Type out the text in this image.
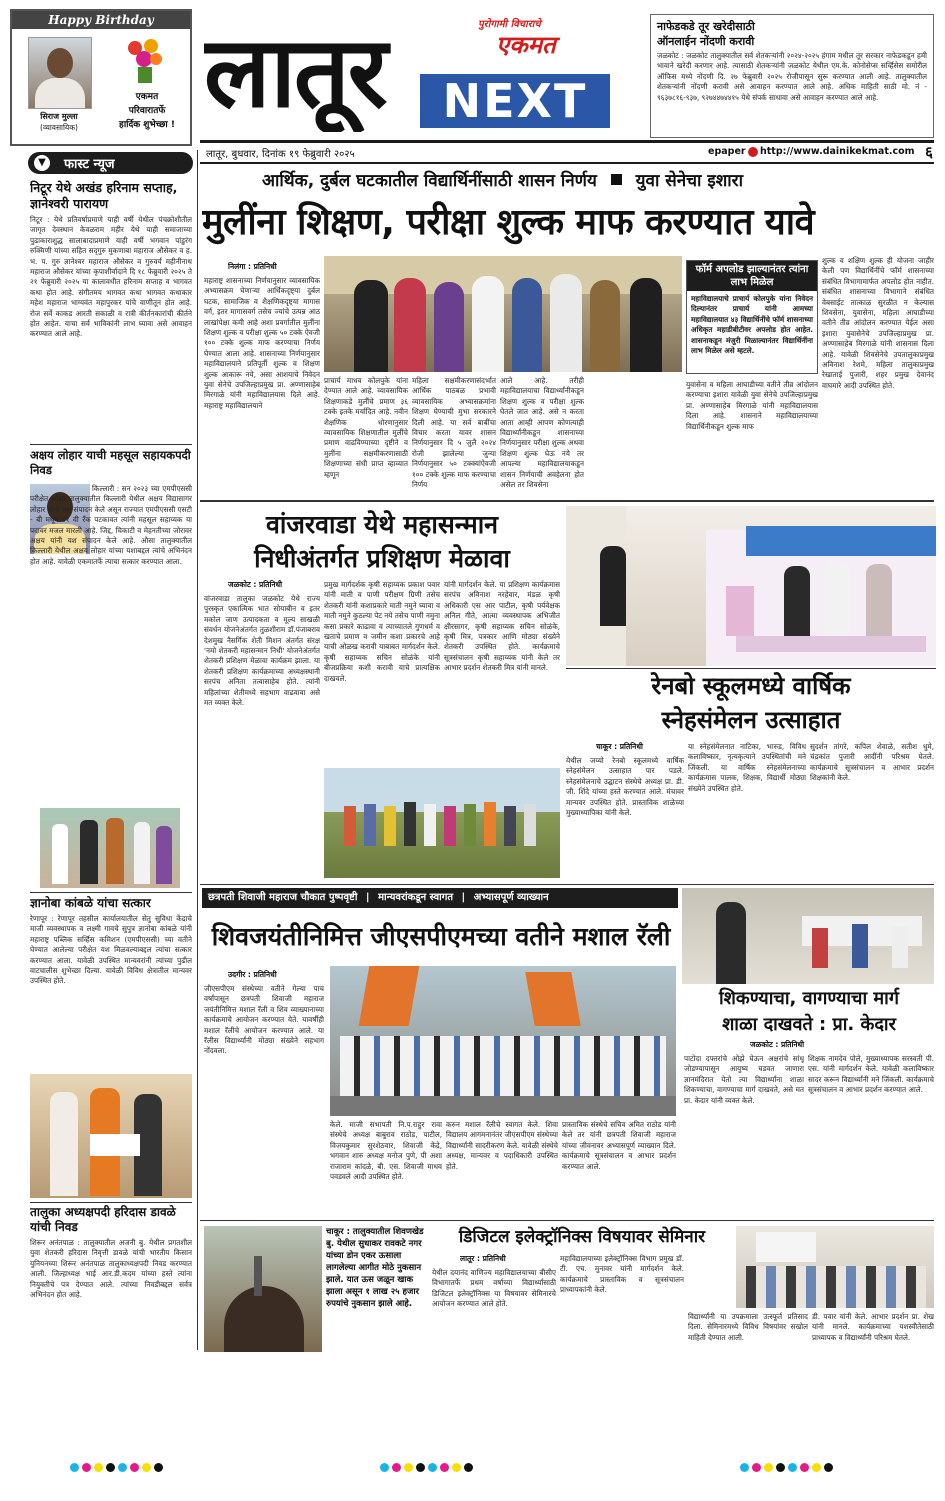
Happy Birthday
सिराज मुल्ला
(व्यावसायिक)
एकमत
परिवारातर्फे
हार्दिक शुभेच्छा !
▼	फास्ट न्यूज
निटूर येथे अखंड हरिनाम सप्ताह, ज्ञानेश्वरी पारायण
निटूर : येथे प्रतिवर्षाप्रमाणे याही वर्षी येथील पंचक्रोशीतील जागृत देवस्थान केवळराम महीर येथे याही समाजाच्या पुढाकाराशुद्ध सालाबादाप्रमाणे याही वर्षी भगवान पांडुरंग रुक्मिणी यांच्या सहित सद्‌गुरु मुकणाबा महाराज औसेकर व ह. भ. प. गुरु ज्ञानेश्वर महाराज औसेकर व गुरुवर्य महीनीनाथ महाराज औसेकर यांच्या कृपाशीर्वादाने दि १८ फेब्रुवारी २०२५ ते २१ फेब्रुवारी २०२५ या कालावधीत हरिनाम सप्ताह व भागवत कथा होत आहे. संगीतमय भागवत कथा भागवत कथाकार महेश महाराज भाग्यवंत महापुरकर यांचे वाणीतून होत आहे. रोज सर्वे काकड आरती सकाळी व रात्री कीर्तनकारांची कीर्तने होत आहेत. याचा सर्व भाविकांनी लाभ घ्यावा असे आवाहन करण्यात आले आहे.
अक्षय लोहार याची महसूल सहायकपदी निवड
किल्लारी : सन २०२३ च्या एमपीएससी परीक्षेत औसा तालुक्यातील किल्लारी येथील अक्षय विद्यासागर लोहार यांनी यश संपादन केले असून राज्यात एमपीएससी एसटी - बी मधून ४१ वी रँक पटकावत त्यांनी महसूल सहाय्यक या पदावर मजल मारली आहे. जिद्द, चिकाटी व मेहनतीच्या जोरावर अक्षय यांनी यश संपादन केले आहे. औसा तालुक्यातील किल्लारी येथील अक्षय लोहार यांच्या यशाबद्दल त्यांचे अभिनंदन होत आहे. यावेळी एकमातर्फे त्याचा सत्कार करण्यात आला.
ज्ञानोबा कांबळे यांचा सत्कार
रेणापूर : रेणापूर तहसील कार्यालयातील सेतु सुविधा केंद्राचे माजी व्यवस्थापक व लक्ष्मी गावचे सुपुत्र ज्ञानोबा कांबळे यांनी महाराष्ट्र पब्लिक सर्व्हिस कमिशन (एमपीएससी) च्या वतीने घेण्यात आलेल्या परीक्षेत यश मिळवल्याबद्दल त्यांचा सत्कार करण्यात आला. यावेळी उपस्थित मान्यवरांनी त्यांच्या पुढील वाटचालीस शुभेच्छा दिल्या. यावेळी विविध क्षेत्रातील मान्यवर उपस्थित होते.
तालुका अध्यक्षपदी हरिदास डावळे यांची निवड
शिरूर अनंतपाळ : तालुक्यातील अजनी बु. येथील प्रगतशील युवा शेतकरी हरिदास निवृत्ती डावळे यांची भारतीय किसान युनियनच्या शिरूर अनंतपाळ तालुकाध्यक्षपदी निवड करण्यात आली. जिल्हाध्यक्ष भाई आर.डी.कदम यांच्या हस्ते त्यांना नियुक्तीचे पत्र देण्यात आले. त्यांच्या निवडीबद्दल सर्वत्र अभिनंदन होत आहे.
लातूर	पुरोगामी विचाराचे
एकमत
NEXT
नाफेडकडे तूर खरेदीसाठी
ऑनलाईन नोंदणी करावी
जळकोट : जळकोट तालुक्यातील सर्व शेतकऱ्यांनी २०२४-२०२५ हंगाम मधील तूर सरकार नाफेडकडून हमी भावाने खरेदी करणार आहे. त्यासाठी शेतकऱ्यांनी जळकोट येथील एम.के. कोनोसेप्स सर्व्हिसेस समोरील ऑफिस मध्ये नोंदणी दि. २७ फेब्रुवारी २०२५ रोजीपासून सुरू करण्यात आली आहे. तालुक्यातील शेतकऱ्यांनी नोंदणी करावी असे आवाहन करण्यात आले आहे. अधिक माहिती साठी मो. नं - ९६३७८१६-९३७, ९२७४४७४४१५ येथे संपर्क साधावा असे आवाहन करण्यात आले आहे.
लातूर, बुधवार, दिनांक १९ फेब्रुवारी २०२५	epaper http://www.dainikekmat.com ६
आर्थिक, दुर्बल घटकातील विद्यार्थिनींसाठी शासन निर्णय युवा सेनेचा इशारा
मुलींना शिक्षण, परीक्षा शुल्क माफ करण्यात यावे
निलंगा : प्रतिनिधी
महाराष्ट्र शासनाच्या निर्णयानुसार व्यावसायिक अभ्यासक्रम घेणाऱ्या आर्थिकदृष्ट्या दुर्बल घटक, सामाजिक व शैक्षणिकदृष्ट्या मागास वर्ग, इतर मागासवर्ग तसेच ज्यांचे उत्पन्न आठ लाखांपेक्षा कमी आहे अशा प्रवर्गातील मुलींना शिक्षण शुल्क व परीक्षा शुल्क ५० टक्के ऐवजी १०० टक्के शुल्क माफ करण्याचा निर्णय घेण्यात आला आहे. शासनाच्या निर्णयानुसार महाविद्यालयाने प्रतिपूर्ती शुल्क व शिक्षण शुल्क आकारू नये, असा आशयाचे निवेदन युवा सेनेचे उपजिल्हाप्रमुख प्रा. अण्णासाहेब मिरगाळे यांनी महाविद्यालयास दिले आहे. महाराष्ट्र महाविद्यालयाने
प्राचार्य माधव कोलपुके यांना देण्यात आले आहे. व्यावसायिक शिक्षणाकडे मुलींचे प्रमाण ३६ टक्के इतके मर्यादित आहे. नवीन शैक्षणिक धोरणानुसार व्यावसायिक शिक्षणातील मुलींचे प्रमाण वाढविण्याच्या दृष्टीने व मुलींना सक्षमीकरणासाठी शिक्षणाच्या संधी प्राप्त व्हाव्यात म्हणून
महिला सक्षमीकरणासंदर्भात आर्थिक पाठबळ प्रभावी व्यावसायिक अभ्यासक्रमांना शिक्षण घेण्याची मुभा सरकारने दिली आहे. या सर्व बाबींचा विचार करता यावर शासन निर्णयानुसार दि ५ जुलै २०२४ रोजी झालेल्या जुन्या निर्णयानुसार ५० टक्क्यांऐवजी १०० टक्के शुल्क माफ करण्याचा निर्णय
आले आहे. तरीही महाविद्यालयाचा विद्यार्थ्यांनीकडून शिक्षण शुल्क व परीक्षा शुल्क घेतले जात आहे. असे न करता आता आम्ही आपण कोणत्याही विद्यार्थ्यांनीकडून शासनाच्या निर्णयानुसार परीक्षा शुल्क अथवा शिक्षण शुल्क घेऊ नये तर आपल्या महाविद्यालयाकडून शासन निर्णयाची अवहेलना होत असेल तर शिवसेना
फॉर्म अपलोड झाल्यानंतर त्यांना लाभ मिळेल
महाविद्यालयाचे प्राचार्य कोलपुके यांना निवेदन दिल्यानंतर प्राचार्य यांनी आमच्या महाविद्यालयात ४३ विद्यार्थिनींचे फॉर्म शासनाच्या अधिकृत महाडीबीटीवर अपलोड होत आहेत. शासनाकडून मंजुरी मिळाल्यानंतर विद्यार्थिनींना लाभ मिळेल असे म्हटले.
युवासेना व महिला आघाडीच्या वतीने तीव्र आंदोलन करण्याचा इशारा यावेळी युवा सेनेचे उपजिल्हाप्रमुख प्रा. अण्णासाहेब मिरगाळे यांनी महाविद्यालयास दिला आहे. शासनाने महाविद्यालयाच्या विद्यार्थिनीकडून शुल्क माफ
शुल्क व शक्षिण शुल्क ही योजना जाहीर केली पण विद्यार्थिनींचे फॉर्म शासनाच्या संबंधित विभागामार्फत अपलोड होत नाहीत. संबंधित शासनाच्या विभागाने संबंधित वेबसाईट तात्काळ सुरळीत न केल्यास शिवसेना, युवासेना, महिला आघाडीच्या वतीने तीव्र आंदोलन करण्यात येईल असा इशारा युवासेनेचे उपजिल्हाप्रमुख प्रा. अण्णासाहेब मिरगाळे यांनी शासनास दिला आहे. यावेळी शिवसेनेचे उपतालुकाप्रमुख अविनाश रेशमे, महिला तालुकाप्रमुख रेखाताई पुजारी, शहर प्रमुख देवानंद वाघमारे आदी उपस्थित होते.
वांजरवाडा येथे महासन्मान
निधीअंतर्गत प्रशिक्षण मेळावा
जळकोट : प्रतिनिधी
वांजरवाडा तालुका जळकोट येथे राज्य पुरस्कृत एकात्मिक भात सोयाबीन व इतर मकोल जाण उत्पादकता व मूल्य साखळी संवर्धन योजनेअंतर्गत तुळशीराम डॉ.पंजाबराव देशमुख नैसर्गिक शेती मिशन अंतर्गत संरक्ष 'नमो शेतकरी महासन्मान निधी' योजनेअंतर्गत शेतकरी प्रशिक्षण मेळावा कार्यक्रम झाला. या शेतकरी प्रशिक्षण कार्यक्रमाच्या अध्यक्षस्थानी सरपंच अनिता तत्वासाहेब होते. त्यांनी महिलांच्या शेतीमध्ये सहभाग वाढवावा असे मत व्यक्त केले.
प्रमुख मार्गदर्शक कृषी सहाय्यक प्रकाश पवार यांनी माती व पाणी परीक्षण ग्रिणी तसेच शेतकरी यांनी कशाप्रकारे माती नमुने घ्यावा व माती नमुने कुठल्या पेट नये तसेच पाणी नमुना कसा प्रकारे काढावा व त्याच्यातले गुणधर्म व खताचे प्रमाण व जमीन कशा प्रकारचे आहे याची ओळख करावी याबाबत मार्गदर्शन केले. कृषी सहाय्यक सचिन सोळंके यांनी बीजप्रक्रिया कशी करावी याचे प्रात्यक्षिक दाखवले.
यांनी मार्गदर्शन केले. या प्रशिक्षण कार्यक्रमास सरपंच अविनाश नरहेवार, मंडळ कृषी अधिकारी एस आर पाटील, कृषी पर्यवेक्षक अनिल गीते, आत्मा व्यवस्थापक अभिजीत क्षीरसागर, कृषी सहाय्यक सचिन सोळंके, कृषी मित्र, पत्रकार आणि मोठ्या संख्येने शेतकरी उपस्थित होते. कार्यक्रमाचे सूत्रसंचालन कृषी सहाय्यक यांनी केले तर आभार प्रदर्शन शेतकरी मित्र यांनी मानले.
रेनबो स्कूलमध्ये वार्षिक
स्नेहसंमेलन उत्साहात
चाकूर : प्रतिनिधी
येथील जय्यो रेनबो स्कूलमध्ये वार्षिक स्नेहसंमेलन उत्साहात पार पडले. स्नेहसंमेलनाचे उद्घाटन संस्थेचे अध्यक्ष प्रा. डी. जी. शिंदे यांच्या हस्ते करण्यात आले. मंचावर मान्यवर उपस्थित होते. प्रास्ताविक शाळेच्या मुख्याध्यापिका यांनी केले.
या स्नेहसंमेलनात नाटिका, भारुड, विविध कलाविष्कार, नृत्यकृत्याने उपस्थितांची मने जिंकली. या वार्षिक स्नेहसंमेलनाच्या कार्यक्रमास पालक, शिक्षक, विद्यार्थी मोठ्या संख्येने उपस्थित होते.
सुदर्शन तांगरे, कपिल शेवाळे, सतीश धुमे, चंद्रकांत पुजारी आदींनी परिश्रम घेतले. कार्यक्रमाचे सूत्रसंचालन व आभार प्रदर्शन शिक्षकांनी केले.
छत्रपती शिवाजी महाराज चौकात पुष्पवृष्टी | मान्यवरांकडून स्वागत | अभ्यासपूर्ण व्याख्यान
शिवजयंतीनिमित्त जीएसपीएमच्या वतीने मशाल रॅली
उदगीर : प्रतिनिधी
जीएसपीएम संस्थेच्या वतीने गेल्या पाच वर्षांपासून छत्रपती शिवाजी महाराज जयंतीनिमित्त मशाल रॅली व शिव व्याख्यानाच्या कार्यक्रमाचे आयोजन करण्यात येते. यावर्षीही मशाल रॅलीचे आयोजन करण्यात आले. या रॅलीस विद्यार्थ्यांनी मोठ्या संख्येने सहभाग नोंदवला.
केले. माजी सभापती नि.प.राहुर रावा संस्थेचे अध्यक्ष बाबुराव राठोड, पाटील, विजयकुमार सुरशेठवार, शिवाजी केंद्रे, भगवान शारु अध्यक्ष मनोज पुणे, पी अशा राजाराम कांदळे, बी. एस. शिवाजी माधव पवडवले आदी उपस्थित होते.
करुन मशाल रॅलीचे स्वागत केले. शिवा विद्यालय आगमनानंतर जीएसपीएम संस्थेच्या विद्यार्थ्यांनी सादरीकरण केले. यावेळी संस्थेचे अध्यक्ष, मान्यवर व पदाधिकारी उपस्थित होते.
प्रास्ताविक संस्थेचे सचिव अमित राठोड यांनी केले तर यांनी छत्रपती शिवाजी महाराज यांच्या जीवनावर अभ्यासपूर्ण व्याख्यान दिले. कार्यक्रमाचे सूत्रसंचालन व आभार प्रदर्शन करण्यात आले.
शिकण्याचा, वागण्याचा मार्ग
शाळा दाखवते : प्रा. केदार
जळकोट : प्रतिनिधी
पाटोदा दफ्तरांचे ओझे घेऊन अक्षरांचे सांधू जोडण्यापासून आयुष्य घडवत जाणारा ज्ञानमंदिरात येतो त्या विद्यार्थ्यांना शाळा शिकण्याचा, वागण्याचा मार्ग दाखवते, असे मत प्रा. केदार यांनी व्यक्त केले.
शिक्षक नामदेव पोले, मुख्याध्यापक सरस्वती पी. एस. यांनी मार्गदर्शन केले. यावेळी कलाविष्कार सादर करून विद्यार्थ्यांनी मने जिंकली. कार्यक्रमाचे सूत्रसंचालन व आभार प्रदर्शन करण्यात आले.
चाकूर : तालुक्यातील शिवणखेड बु. येथील सुधाकर रावकटे नगर यांच्या डोन एकर ऊसाला लागलेल्या आगीत मोठे नुकसान झाले. यात ऊस जळून खाक झाला असून १ लाख २५ हजार रुपयांचे नुकसान झाले आहे.
डिजिटल इलेक्ट्रॉनिक्स विषयावर सेमिनार
लातूर : प्रतिनिधी
येथील दयानंद वाणिज्य महाविद्यालयाच्या बीसीए विभागातर्फे प्रथम वर्षाच्या विद्यार्थ्यांसाठी डिजिटल इलेक्ट्रॉनिक्स या विषयावर सेमिनारचे आयोजन करण्यात आले होते.
महाविद्यालयाच्या इलेक्ट्रॉनिक्स विभाग प्रमुख डॉ. टी. एच. मुनावर यांनी मार्गदर्शन केले. कार्यक्रमाचे प्रास्ताविक व सूत्रसंचालन प्राध्यापकांनी केले.
विद्यार्थ्यांनी या उपक्रमाला उत्स्फूर्त प्रतिसाद दिला. सेमिनारमध्ये विविध विषयांवर सखोल माहिती देण्यात आली.
डी. पवार यांनी केले. आभार प्रदर्शन प्रा. शेख यांनी मानले. कार्यक्रमाच्या यशस्वीतेसाठी प्राध्यापक व विद्यार्थ्यांनी परिश्रम घेतले.
